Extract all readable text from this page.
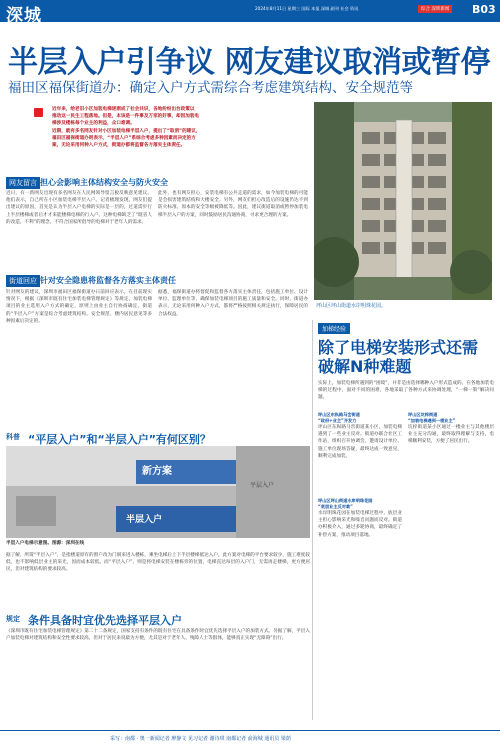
深城	2024年8月11日 星期三 国际 本报 深城 副刊 社会 资讯	综合 深圳新闻 B03
半层入户引争议 网友建议取消或暂停
福田区福保街道办：确定入户方式需综合考虑建筑结构、安全规范等
近年来，给老旧小区加装电梯逐渐成了社会共识，各地纷纷出台政策以
推动这一民生工程落地。但是，本该是一件事及万家的好事，却因加装电
梯涉及楼栋每个业主的利益，众口难调。
近期，就有多名网友针对小区加装电梯半层入户，提出了“取消”的建议，
福田区福保街道办则表示，“半层入户”系综合考虑多种因素而决定的方
案，无论采用何种入户方式，街道办都将监督各方落实主体责任。
坪山区坪山街道水岸明珠花园。
网友留言 担心会影响主体结构安全与防火安全
近日，有一新网友出现有多名网友在人民网领导留言板反映意见建议。他们表示，自己所在小区加装电梯半层入户。记者梳理发现，网友们提出建议的原因，首先是认为半层入户电梯的实际是一层的，过道需步行上半层楼梯或者后才才来能楼梯电梯的行入户。这种电梯缺乏了“既省人的改造，不利”的理念，不符合国家所倡导的电梯对于老年人的需求。
此外，也有网友担心，安装电梯有公共走道的需求，如今加装电梯的可能是会损害建筑结构和大楼安全。另外，网友们担心改造后的设施仍达不到防火标准、原本的安全等级被降低等。因此，建议街道取消或暂停加装电梯半层入户的方案，同时鼓励居民沟通协商，寻求更合理的方案。
街道回应 针对安全隐患将监督各方落实主体责任
针对网友的建议，深圳市福田区福保街道办日前回应表示，在目前现实情况下，根据《深圳市既有住宅加装电梯管理规定》等规定，加装电梯项目的业主选用入户方式的确定，原则上由业主自行协商确定。街道的“半层入户”方案是综合考虑建筑结构、安全规范、楼内居民意见等多种因素后决定的。
据悉，福保街道办将督促和监督各方落实主体责任，包括施工单位、设计单位、监理单位等，确保加装电梯项目的施工质量和安全。同时，街道办表示，无论采用何种入户方式，都将严格按照相关规定执行，保障居民的合法权益。
加梯经验
除了电梯安装形式还需破解N种难题
实际上，加装电梯所遇到的“困境”，并非是由选择哪种入户形式造成的。在各地加装电梯的过程中，面对不同的困难，各地采取了各种方式来协调处理，“一梯一策”解决问题。
坪山区东纵路马峦街道
“政府+业主”齐发力
坪山区东纵路马峦街道某小区，加装电梯遇到了一些业主反对。街道办联合社区工作站，组织召开协调会，邀请设计单位、施工单位现场答疑，最终达成一致意见，顺利完成加装。
坪山区坪山街道水岸明珠花园
“底层业主反对难”
水岸明珠花园在加装电梯过程中，底层业主担心影响采光和噪音问题而反对。街道办积极介入，通过多轮协商，最终确定了补偿方案，推动项目落地。
坪山区坑梓街道
“加装电梯遇到一楼业主”
坑梓街道某小区通过一楼业主与其他楼层业主充分沟通，最终取得理解与支持，电梯顺利安装，方便了居民出行。
科普 “平层入户”和“半层入户”有何区别？
新方案
半层入户
平层入户
半层入户电梯示意图。图源：深圳在线
据了解，所谓“半层入户”，是指楼道原有的窗户改为门洞来进入楼栋，乘坐电梯后上下半层楼梯抵达入户，此方案对电梯的平台要求较少，施工难度较低，也不影响低层业主的采光，因而成本较低。而“平层入户”，则是将电梯安装在楼栋旁的位置，电梯直达每层的入户门，无需再走楼梯，更方便居民，但对建筑结构的要求较高。
规定 条件具备时宜优先选择平层入户
《深圳市既有住宅加装电梯管理规定》第二十二条规定，国家支持有条件的既有住宅在具备条件时宜优先选择平层入户的加装方式。另据了解，平层入户加装电梯对建筑结构和安全性要求较高，但对于居民来说最为方便，尤其是对于老年人、残障人士等群体，能够真正实现“无障碍”出行。
采写：南都 · 奥一新闻记者 廖静文 见习记者 谢诗琪 南都记者 俞海城 通讯员 梁荫
